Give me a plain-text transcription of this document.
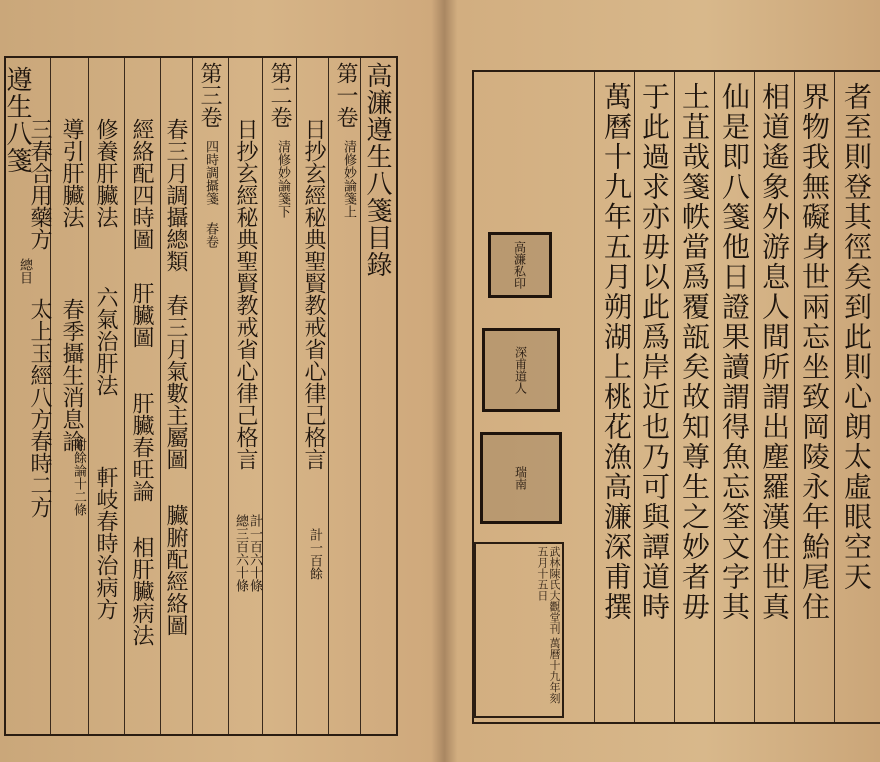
遵生八箋
總目
三春合用藥方
太上玉經八方春時二方
導引肝臟法
春季攝生消息論
附餘論十二條
修養肝臟法
六氣治肝法
軒岐春時治病方
經絡配四時圖
肝臟圖
肝臟春旺論
相肝臟病法
春三月調攝總類
春三月氣數主屬圖
臟腑配經絡圖
第三卷
四時調攝箋
春卷 日抄玄經秘典聖賢教戒省心律己格言
總三百六十條 計一百六十條
第二卷
清修妙論箋下 日抄玄經秘典聖賢教戒省心律己格言
計一百餘
第一卷
清修妙論箋上 高濂遵生八箋目錄	萬曆十九年五月朔湖上桃花漁高濂深甫撰 于此過求亦毋以此爲岸近也乃可與譚道時 土苴哉箋帙當爲覆瓿矣故知尊生之妙者毋 仙是即八箋他日證果讀謂得魚忘筌文字其 相道遙象外游息人間所謂出塵羅漢住世真 界物我無礙身世兩忘坐致岡陵永年鮐尾住 者至則登其徑矣到此則心朗太虛眼空天
高濂私印
深甫道人
瑞南
武林陳氏大觀堂刊 萬曆十九年刻 五月十五日
